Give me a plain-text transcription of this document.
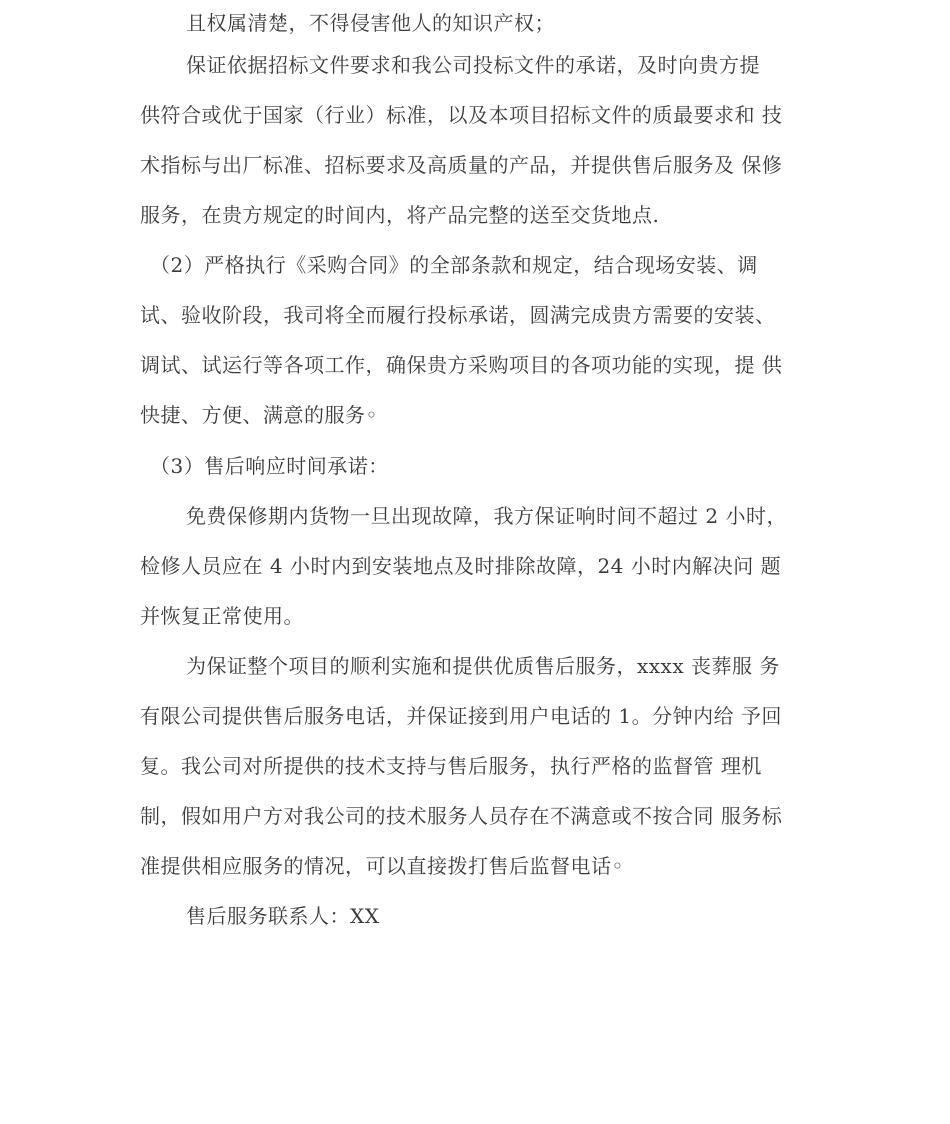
且权属清楚，不得侵害他人的知识产权；
保证依据招标文件要求和我公司投标文件的承诺，及时向贵方提
供符合或优于国家（行业）标准，以及本项目招标文件的质最要求和 技
术指标与出厂标准、招标要求及高质量的产品，并提供售后服务及 保修
服务，在贵方规定的时间内，将产品完整的送至交货地点.
（2）严格执行《采购合同》的全部条款和规定，结合现场安装、调
试、验收阶段，我司将全而履行投标承诺，圆满完成贵方需要的安装、
调试、试运行等各项工作，确保贵方采购项目的各项功能的实现，提 供
快捷、方便、满意的服务◦
（3）售后响应时间承诺：
免费保修期内货物一旦出现故障，我方保证响时间不超过 2 小时，
检修人员应在 4 小时内到安装地点及时排除故障，24 小时内解决问 题
并恢复正常使用。
为保证整个项目的顺利实施和提供优质售后服务，xxxx 丧葬服 务
有限公司提供售后服务电话，并保证接到用户电话的 1。分钟内给 予回
复。我公司对所提供的技术支持与售后服务，执行严格的监督管 理机
制，假如用户方对我公司的技术服务人员存在不满意或不按合同 服务标
准提供相应服务的情况，可以直接拨打售后监督电话◦
售后服务联系人：XX
